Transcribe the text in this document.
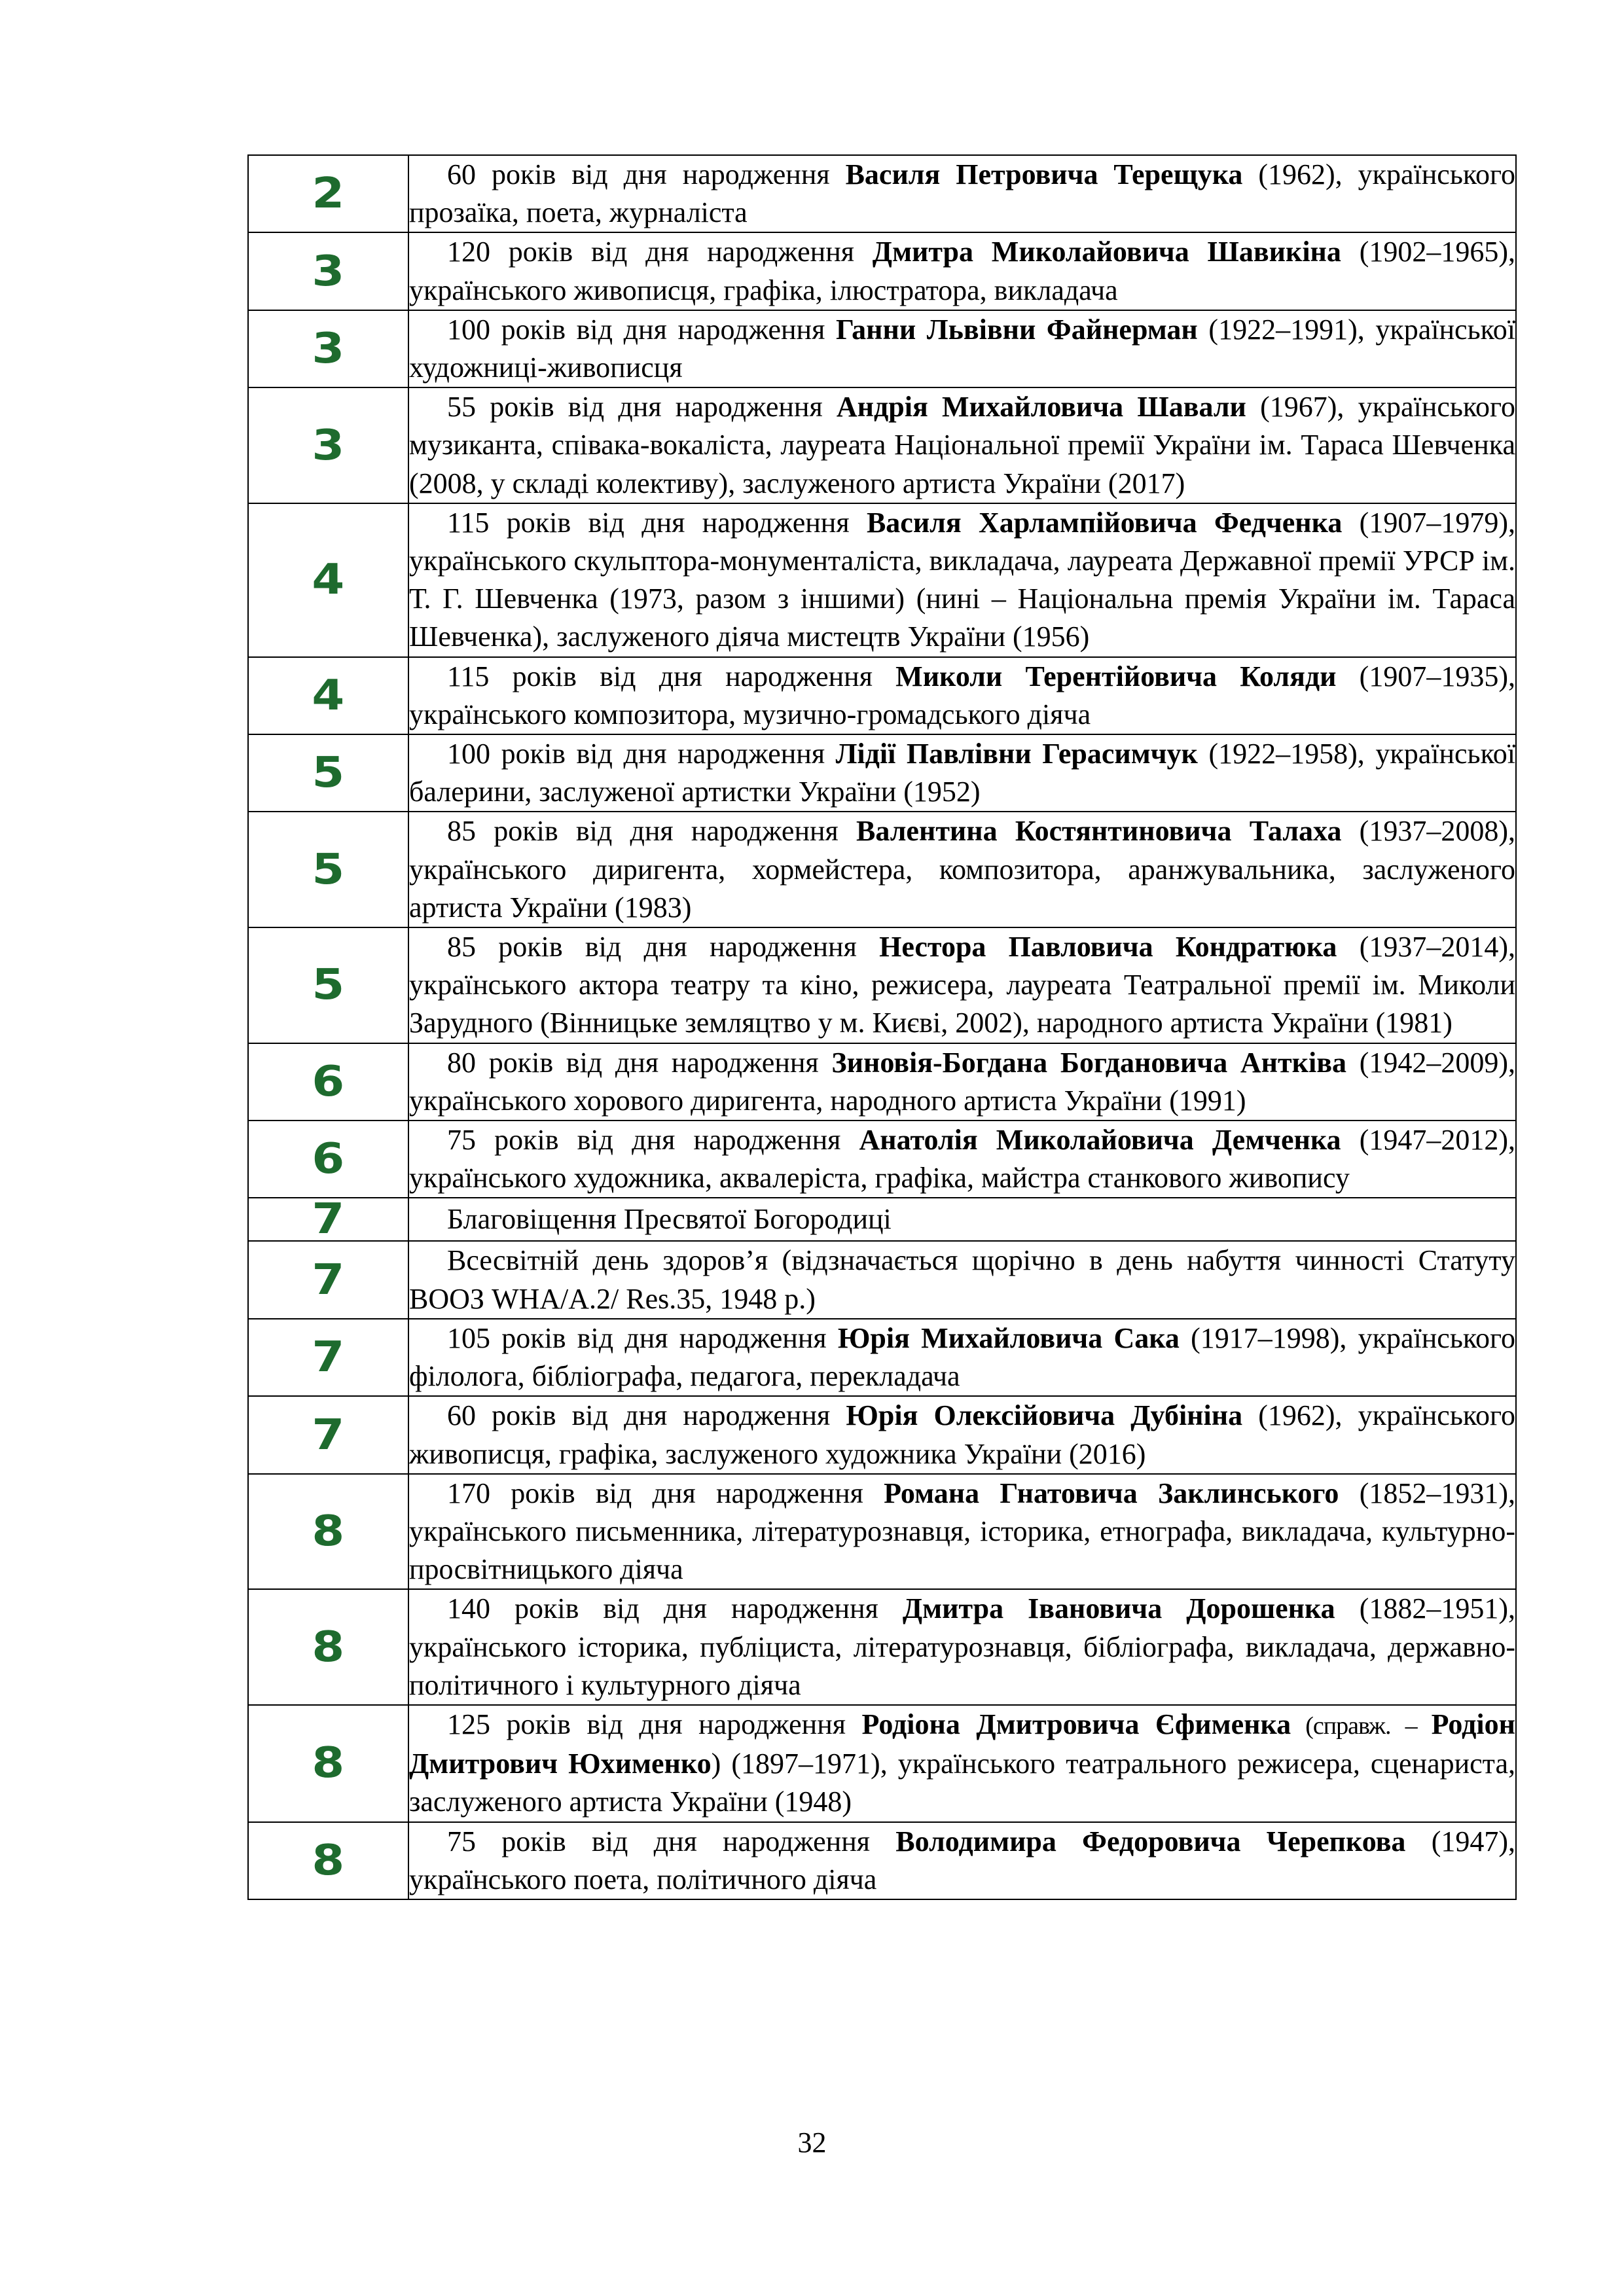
2	60 років від дня народження Василя Петровича Терещука (1962), українського прозаїка, поета, журналіста

3	120 років від дня народження Дмитра Миколайовича Шавикіна (1902–1965), українського живописця, графіка, ілюстратора, викладача

3	100 років від дня народження Ганни Львівни Файнерман (1922–1991), української художниці-живописця

3	55 років від дня народження Андрія Михайловича Шавали (1967), українського музиканта, співака-вокаліста, лауреата Національної премії України ім. Тараса Шевченка (2008, у складі колективу), заслуженого артиста України (2017)

4	115 років від дня народження Василя Харлампійовича Федченка (1907–1979), українського скульптора-монументаліста, викладача, лауреата Державної премії УРСР ім. Т. Г. Шевченка (1973, разом з іншими) (нині – Національна премія України ім. Тараса Шевченка), заслуженого діяча мистецтв України (1956)

4	115 років від дня народження Миколи Терентійовича Коляди (1907–1935), українського композитора, музично-громадського діяча

5	100 років від дня народження Лідії Павлівни Герасимчук (1922–1958), української балерини, заслуженої артистки України (1952)

5	85 років від дня народження Валентина Костянтиновича Талаха (1937–2008), українського диригента, хормейстера, композитора, аранжувальника, заслуженого артиста України (1983)

5	85 років від дня народження Нестора Павловича Кондратюка (1937–2014), українського актора театру та кіно, режисера, лауреата Театральної премії ім. Миколи Зарудного (Вінницьке земляцтво у м. Києві, 2002), народного артиста України (1981)

6	80 років від дня народження Зиновія-Богдана Богдановича Антківа (1942–2009), українського хорового диригента, народного артиста України (1991)

6	75 років від дня народження Анатолія Миколайовича Демченка (1947–2012), українського художника, аквалеріста, графіка, майстра станкового живопису

7	Благовіщення Пресвятої Богородиці

7	Всесвітній день здоров’я (відзначається щорічно в день набуття чинності Статуту ВООЗ WHA/A.2/ Res.35, 1948 р.)

7	105 років від дня народження Юрія Михайловича Сака (1917–1998), українського філолога, бібліографа, педагога, перекладача

7	60 років від дня народження Юрія Олексійовича Дубініна (1962), українського живописця, графіка, заслуженого художника України (2016)

8	170 років від дня народження Романа Гнатовича Заклинського (1852–1931), українського письменника, літературознавця, історика, етнографа, викладача, культурно-просвітницького діяча

8	140 років від дня народження Дмитра Івановича Дорошенка (1882–1951), українського історика, публіциста, літературознавця, бібліографа, викладача, державно-політичного і культурного діяча

8	125 років від дня народження Родіона Дмитровича Єфименка (справж. – Родіон Дмитрович Юхименко) (1897–1971), українського театрального режисера, сценариста, заслуженого артиста України (1948)

8	75 років від дня народження Володимира Федоровича Черепкова (1947), українського поета, політичного діяча
32
